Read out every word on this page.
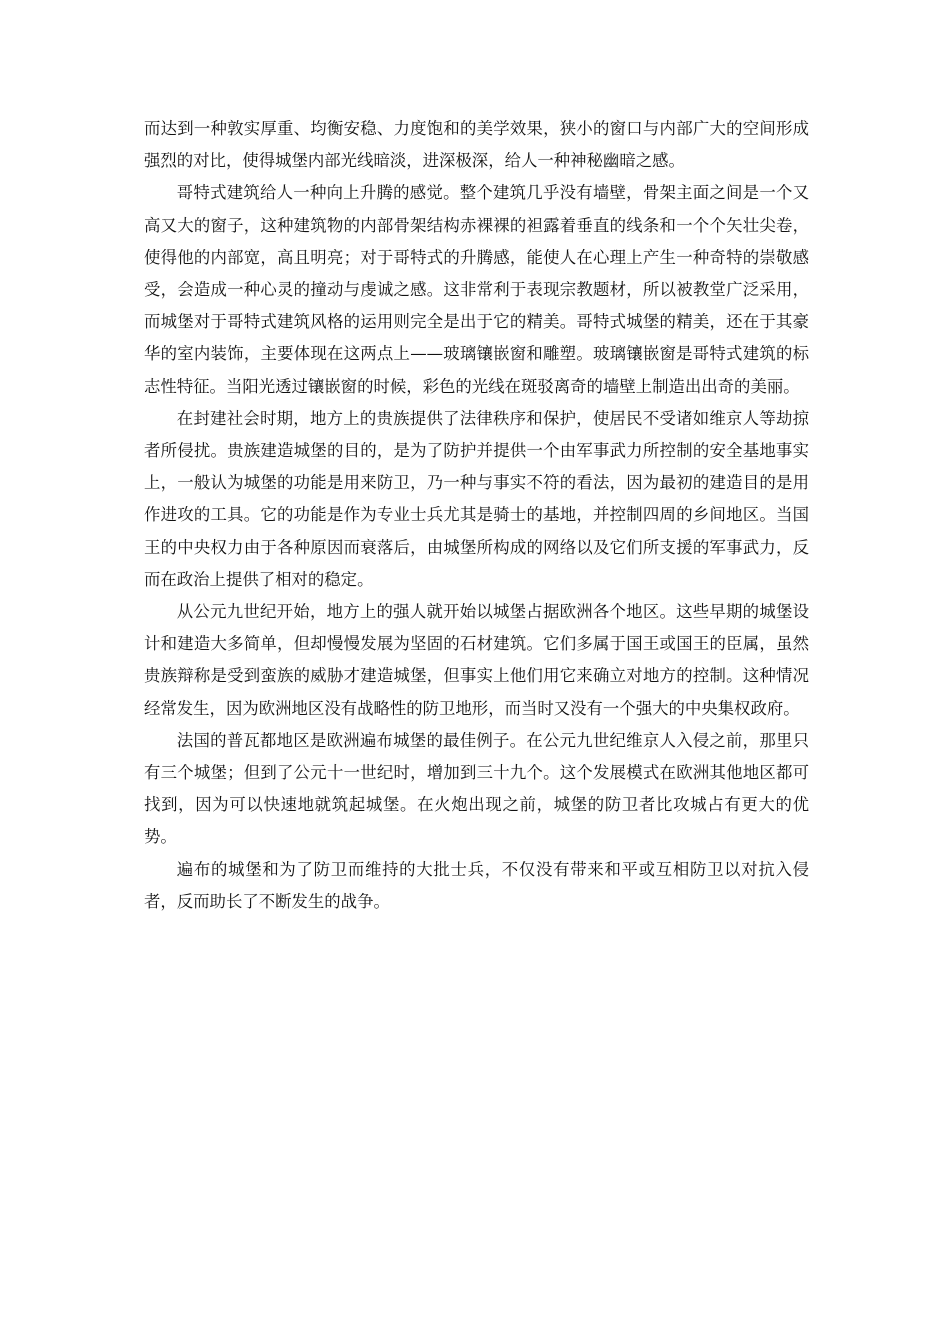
而达到一种敦实厚重、均衡安稳、力度饱和的美学效果，狭小的窗口与内部广大的空间形成强烈的对比，使得城堡内部光线暗淡，进深极深，给人一种神秘幽暗之感。

哥特式建筑给人一种向上升腾的感觉。整个建筑几乎没有墙壁，骨架主面之间是一个又高又大的窗子，这种建筑物的内部骨架结构赤裸裸的袒露着垂直的线条和一个个矢壮尖卷，使得他的内部宽，高且明亮；对于哥特式的升腾感，能使人在心理上产生一种奇特的崇敬感受，会造成一种心灵的撞动与虔诚之感。这非常利于表现宗教题材，所以被教堂广泛采用，而城堡对于哥特式建筑风格的运用则完全是出于它的精美。哥特式城堡的精美，还在于其豪华的室内装饰，主要体现在这两点上——玻璃镶嵌窗和雕塑。玻璃镶嵌窗是哥特式建筑的标志性特征。当阳光透过镶嵌窗的时候，彩色的光线在斑驳离奇的墙壁上制造出出奇的美丽。

在封建社会时期，地方上的贵族提供了法律秩序和保护，使居民不受诸如维京人等劫掠者所侵扰。贵族建造城堡的目的，是为了防护并提供一个由军事武力所控制的安全基地事实上，一般认为城堡的功能是用来防卫，乃一种与事实不符的看法，因为最初的建造目的是用作进攻的工具。它的功能是作为专业士兵尤其是骑士的基地，并控制四周的乡间地区。当国王的中央权力由于各种原因而衰落后，由城堡所构成的网络以及它们所支援的军事武力，反而在政治上提供了相对的稳定。

从公元九世纪开始，地方上的强人就开始以城堡占据欧洲各个地区。这些早期的城堡设计和建造大多简单，但却慢慢发展为坚固的石材建筑。它们多属于国王或国王的臣属，虽然贵族辩称是受到蛮族的威胁才建造城堡，但事实上他们用它来确立对地方的控制。这种情况经常发生，因为欧洲地区没有战略性的防卫地形，而当时又没有一个强大的中央集权政府。

法国的普瓦都地区是欧洲遍布城堡的最佳例子。在公元九世纪维京人入侵之前，那里只有三个城堡；但到了公元十一世纪时，增加到三十九个。这个发展模式在欧洲其他地区都可找到，因为可以快速地就筑起城堡。在火炮出现之前，城堡的防卫者比攻城占有更大的优势。

遍布的城堡和为了防卫而维持的大批士兵，不仅没有带来和平或互相防卫以对抗入侵者，反而助长了不断发生的战争。
